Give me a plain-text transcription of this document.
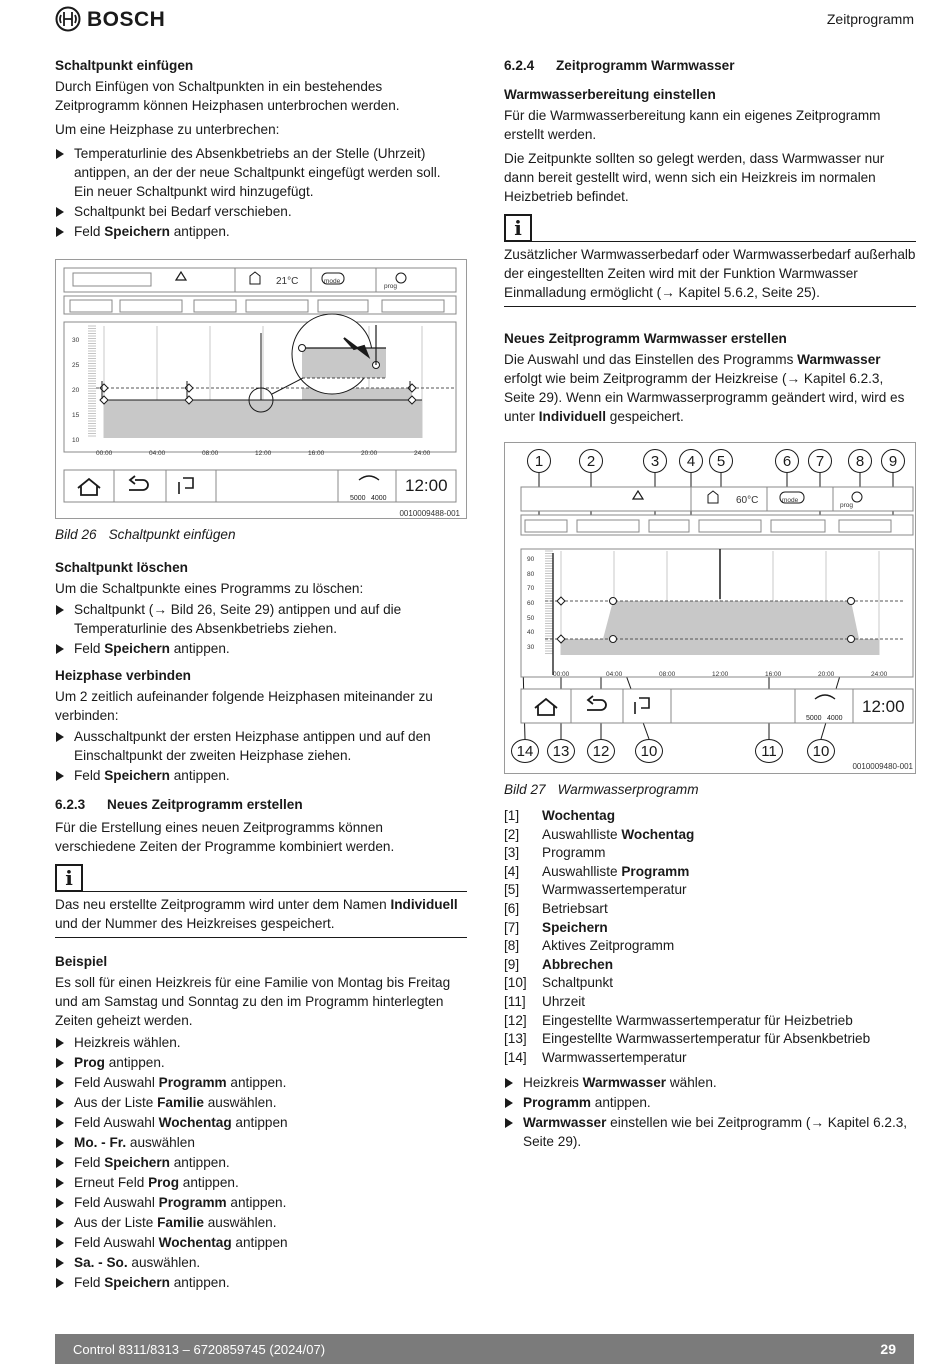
BOSCH	Zeitprogramm
Schaltpunkt einfügen

Durch Einfügen von Schaltpunkten in ein bestehendes Zeitprogramm können Heizphasen unterbrochen werden.

Um eine Heizphase zu unterbrechen:

Temperaturlinie des Absenkbetriebs an der Stelle (Uhrzeit) antippen, an der der neue Schaltpunkt eingefügt werden soll.
Ein neuer Schaltpunkt wird hinzugefügt.
Schaltpunkt bei Bedarf verschieben.
Feld Speichern antippen.
21°C	mode
prog
30
25
20
15
10
00:00	04:00	08:00	12:00	16:00	20:00	24:00
5000 4000
12:00
0010009488-001
Bild 26 Schaltpunkt einfügen
Schaltpunkt löschen

Um die Schaltpunkte eines Programms zu löschen:

Schaltpunkt (→ Bild 26, Seite 29) antippen und auf die Temperaturlinie des Absenkbetriebs ziehen.
Feld Speichern antippen.
Heizphase verbinden

Um 2 zeitlich aufeinander folgende Heizphasen miteinander zu verbinden:

Ausschaltpunkt der ersten Heizphase antippen und auf den Einschaltpunkt der zweiten Heizphase ziehen.
Feld Speichern antippen.
6.2.3 Neues Zeitprogramm erstellen

Für die Erstellung eines neuen Zeitprogramms können verschiedene Zeiten der Programme kombiniert werden.

i
Das neu erstellte Zeitprogramm wird unter dem Namen Individuell und der Nummer des Heizkreises gespeichert.
Beispiel

Es soll für einen Heizkreis für eine Familie von Montag bis Freitag und am Samstag und Sonntag zu den im Programm hinterlegten Zeiten geheizt werden.

Heizkreis wählen.
Prog antippen.
Feld Auswahl Programm antippen.
Aus der Liste Familie auswählen.
Feld Auswahl Wochentag antippen
Mo. - Fr. auswählen
Feld Speichern antippen.
Erneut Feld Prog antippen.
Feld Auswahl Programm antippen.
Aus der Liste Familie auswählen.
Feld Auswahl Wochentag antippen
Sa. - So. auswählen.
Feld Speichern antippen.
6.2.4 Zeitprogramm Warmwasser
Warmwasserbereitung einstellen

Für die Warmwasserbereitung kann ein eigenes Zeitprogramm erstellt werden.

Die Zeitpunkte sollten so gelegt werden, dass Warmwasser nur dann bereit gestellt wird, wenn sich ein Heizkreis im normalen Heizbetrieb befindet.

i
Zusätzlicher Warmwasserbedarf oder Warmwasserbedarf außerhalb der eingestellten Zeiten wird mit der Funktion Warmwasser Einmalladung ermöglicht (→ Kapitel 5.6.2, Seite 25).
Neues Zeitprogramm Warmwasser erstellen

Die Auswahl und das Einstellen des Programms Warmwasser erfolgt wie beim Zeitprogramm der Heizkreise (→ Kapitel 6.2.3, Seite 29). Wenn ein Warmwasserprogramm geändert wird, wird es unter Individuell gespeichert.

1	2	3	4	5	6	7	8	9
14	13	12	10	11	10
60°C	mode
prog
90
80
70
60
50
40
30
00:00	04:00	08:00	12:00	16:00	20:00	24:00
5000 4000
12:00
0010009480-001
Bild 27 Warmwasserprogramm
[1]	Wochentag
[2]	Auswahlliste Wochentag
[3]	Programm
[4]	Auswahlliste Programm
[5]	Warmwassertemperatur
[6]	Betriebsart
[7]	Speichern
[8]	Aktives Zeitprogramm
[9]	Abbrechen
[10]	Schaltpunkt
[11]	Uhrzeit
[12]	Eingestellte Warmwassertemperatur für Heizbetrieb
[13]	Eingestellte Warmwassertemperatur für Absenkbetrieb
[14]	Warmwassertemperatur
Heizkreis Warmwasser wählen.
Programm antippen.
Warmwasser einstellen wie bei Zeitprogramm (→ Kapitel 6.2.3, Seite 29).
Control 8311/8313 – 6720859745 (2024/07)	29
